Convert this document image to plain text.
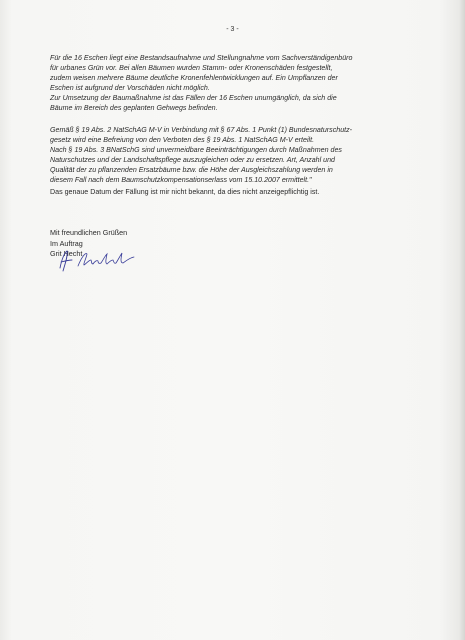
- 3 -
Für die 16 Eschen liegt eine Bestandsaufnahme und Stellungnahme vom Sachverständigenbüro
für urbanes Grün vor. Bei allen Bäumen wurden Stamm- oder Kronenschäden festgestellt,
zudem weisen mehrere Bäume deutliche Kronenfehlentwicklungen auf. Ein Umpflanzen der
Eschen ist aufgrund der Vorschäden nicht möglich.
Zur Umsetzung der Baumaßnahme ist das Fällen der 16 Eschen unumgänglich, da sich die
Bäume im Bereich des geplanten Gehwegs befinden.
Gemäß § 19 Abs. 2 NatSchAG M-V in Verbindung mit § 67 Abs. 1 Punkt (1) Bundesnaturschutz-
gesetz wird eine Befreiung von den Verboten des § 19 Abs. 1 NatSchAG M-V erteilt.
Nach § 19 Abs. 3 BNatSchG sind unvermeidbare Beeinträchtigungen durch Maßnahmen des
Naturschutzes und der Landschaftspflege auszugleichen oder zu ersetzen. Art, Anzahl und
Qualität der zu pflanzenden Ersatzbäume bzw. die Höhe der Ausgleichszahlung werden in
diesem Fall nach dem Baumschutzkompensationserlass vom 15.10.2007 ermittelt."
Das genaue Datum der Fällung ist mir nicht bekannt, da dies nicht anzeigepflichtig ist.
Mit freundlichen Grüßen
Im Auftrag
Grit Hecht
